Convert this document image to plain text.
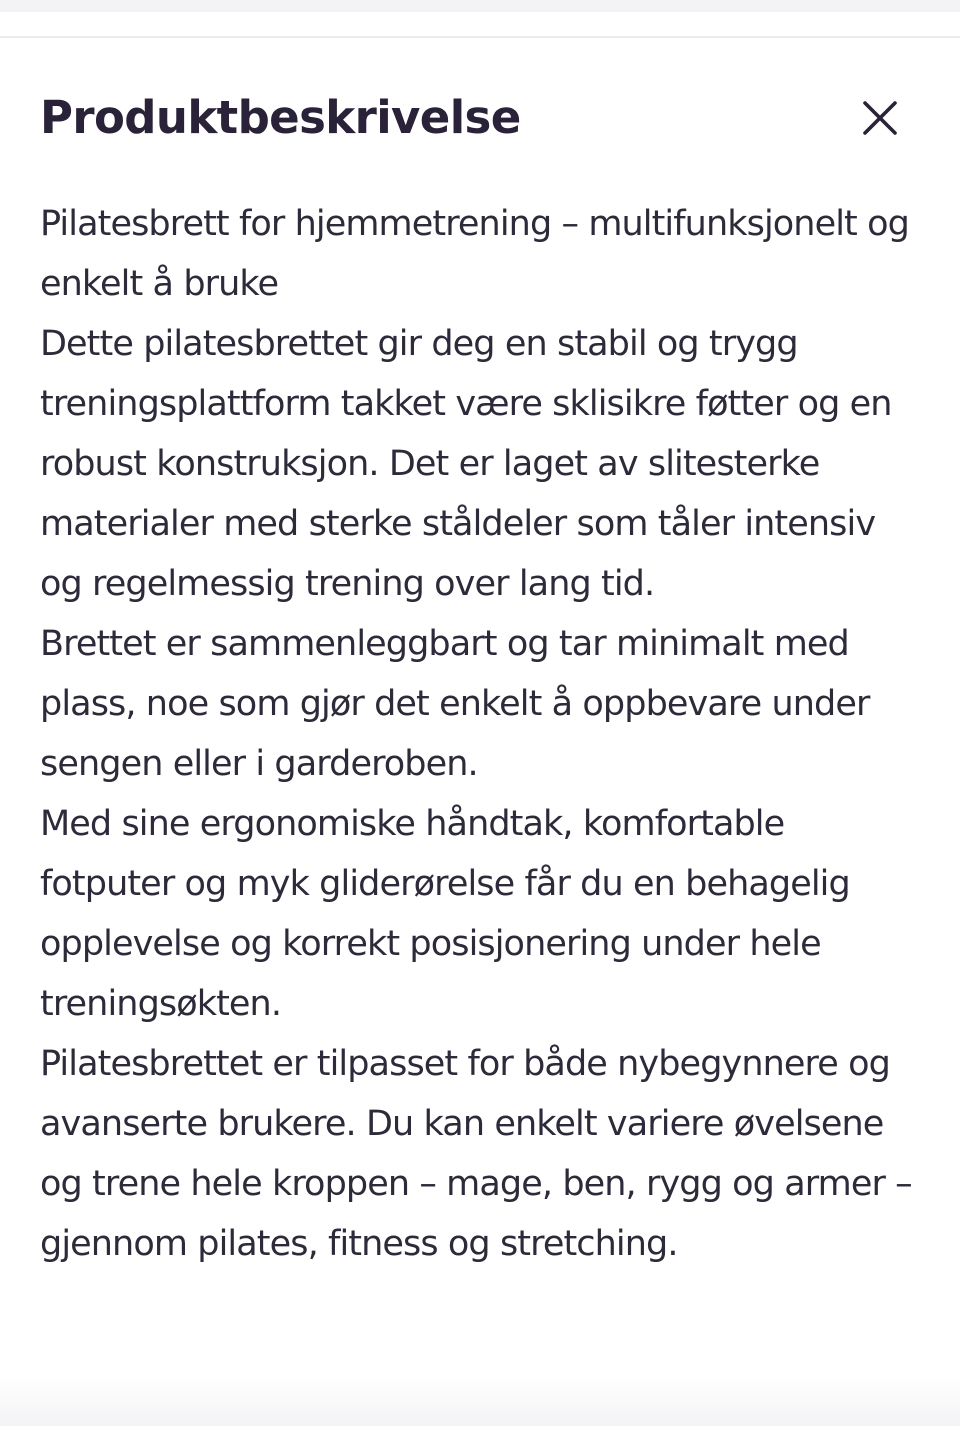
Produktbeskrivelse

Pilatesbrett for hjemmetrening – multifunksjonelt og enkelt å bruke

Dette pilatesbrettet gir deg en stabil og trygg treningsplattform takket være sklisikre føtter og en robust konstruksjon. Det er laget av slitesterke materialer med sterke ståldeler som tåler intensiv og regelmessig trening over lang tid.

Brettet er sammenleggbart og tar minimalt med plass, noe som gjør det enkelt å oppbevare under sengen eller i garderoben.

Med sine ergonomiske håndtak, komfortable fotputer og myk gliderørelse får du en behagelig opplevelse og korrekt posisjonering under hele treningsøkten.

Pilatesbrettet er tilpasset for både nybegynnere og avanserte brukere. Du kan enkelt variere øvelsene og trene hele kroppen – mage, ben, rygg og armer – gjennom pilates, fitness og stretching.
